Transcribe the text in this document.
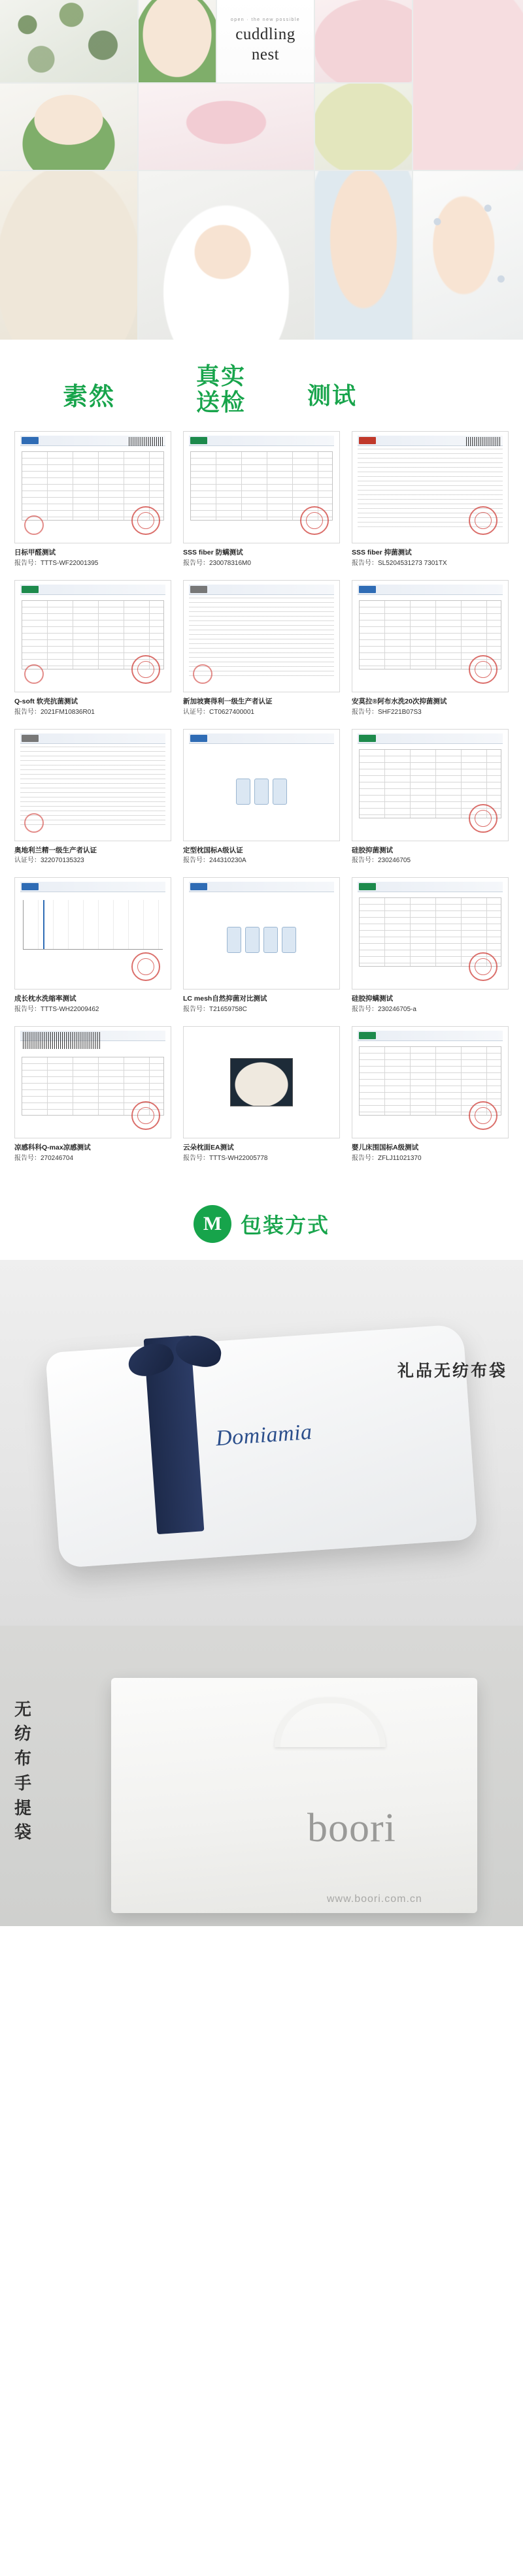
open · the new possible
cuddling
nest
素然
真实
送检	测试
日标甲醛测试
报告号：TTTS-WF22001395
SSS fiber 防螨测试
报告号：230078316M0
SSS fiber 抑菌测试
报告号：SL5204531273 7301TX
Q-soft 软壳抗菌测试
报告号：2021FM10836R01
新加坡赛得利一级生产者认证
认证号：CT0627400001
安莫拉®阿布水洗20次抑菌测试
报告号：SHF221B07S3
奥地利兰精一级生产者认证
认证号：322070135323
定型枕国标A级认证
报告号：244310230A
硅胶抑菌测试
报告号：230246705
成长枕水洗缩率测试
报告号：TTTS-WH22009462
LC mesh自然抑菌对比测试
报告号：T21659758C
硅胶抑螨测试
报告号：230246705-a
凉感科科Q-max凉感测试
报告号：270246704
云朵枕面EA测试
报告号：TTTS-WH22005778
婴儿床围国标A级测试
报告号：ZFLJ11021370
M
包装方式
Domiamia
礼品无纺布袋
无纺布手提袋	boori
www.boori.com.cn
